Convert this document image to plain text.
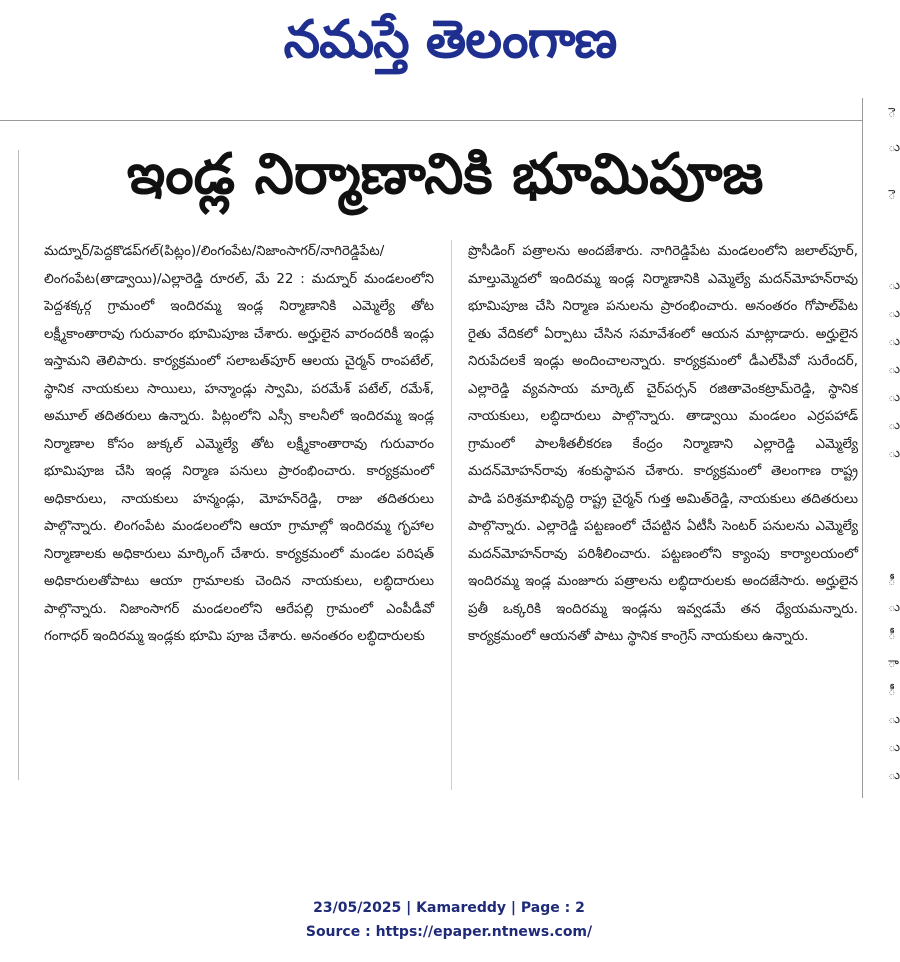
నమస్తే తెలంగాణ
ఇండ్ల నిర్మాణానికి భూమిపూజ
మద్నూర్/పెద్దకొడప్‌గల్(పిట్లం)/లింగంపేట/నిజాంసాగర్/నాగిరెడ్డిపేట/లింగంపేట(తాడ్వాయి)/ఎల్లారెడ్డి రూరల్, మే 22 : మద్నూర్ మండలంలోని పెద్దశక్కర్గ గ్రామంలో ఇందిరమ్మ ఇండ్ల నిర్మాణానికి ఎమ్మెల్యే తోట లక్ష్మీకాంతారావు గురువారం భూమిపూజ చేశారు. అర్హులైన వారందరికీ ఇండ్లు ఇస్తామని తెలిపారు. కార్యక్రమంలో సలాబత్‌పూర్ ఆలయ చైర్మన్ రాంపటేల్, స్థానిక నాయకులు సాయిలు, హన్మాండ్లు స్వామి, పరమేశ్ పటేల్, రమేశ్, అమూల్ తదితరులు ఉన్నారు. పిట్లంలోని ఎస్సీ కాలనీలో ఇందిరమ్మ ఇండ్ల నిర్మాణాల కోసం జుక్కల్ ఎమ్మెల్యే తోట లక్ష్మీకాంతారావు గురువారం భూమిపూజ చేసి ఇండ్ల నిర్మాణ పనులు ప్రారంభించారు. కార్యక్రమంలో అధికారులు, నాయకులు హన్మండ్లు, మోహన్‌రెడ్డి, రాజు తదితరులు పాల్గొన్నారు. లింగంపేట మండలంలోని ఆయా గ్రామాల్లో ఇందిరమ్మ గృహాల నిర్మాణాలకు అధికారులు మార్కింగ్ చేశారు. కార్యక్రమంలో మండల పరిషత్ అధికారులతోపాటు ఆయా గ్రామాలకు చెందిన నాయకులు, లబ్ధిదారులు పాల్గొన్నారు. నిజాంసాగర్ మండలంలోని ఆరేపల్లి గ్రామంలో ఎంపీడీవో గంగాధర్ ఇందిరమ్మ ఇండ్లకు భూమి పూజ చేశారు. అనంతరం లబ్ధిదారులకు
ప్రొసీడింగ్ పత్రాలను అందజేశారు. నాగిరెడ్డిపేట మండలంలోని జలాల్‌పూర్, మాల్తుమ్మెదలో ఇందిరమ్మ ఇండ్ల నిర్మాణానికి ఎమ్మెల్యే మదన్‌మోహన్‌రావు భూమిపూజ చేసి నిర్మాణ పనులను ప్రారంభించారు. అనంతరం గోపాల్‌పేట రైతు వేదికలో ఏర్పాటు చేసిన సమావేశంలో ఆయన మాట్లాడారు. అర్హులైన నిరుపేదలకే ఇండ్లు అందించాలన్నారు. కార్యక్రమంలో డీఎల్‌పీవో సురేందర్, ఎల్లారెడ్డి వ్యవసాయ మార్కెట్ చైర్‌పర్సన్ రజితావెంకట్రామ్‌రెడ్డి, స్థానిక నాయకులు, లబ్ధిదారులు పాల్గొన్నారు. తాడ్వాయి మండలం ఎర్రపహాడ్ గ్రామంలో పాలశీతలీకరణ కేంద్రం నిర్మాణాని ఎల్లారెడ్డి ఎమ్మెల్యే మదన్‌మోహన్‌రావు శంకుస్థాపన చేశారు. కార్యక్రమంలో తెలంగాణ రాష్ట్ర పాడి పరిశ్రమాభివృద్ధి రాష్ట్ర చైర్మన్ గుత్త అమిత్‌రెడ్డి, నాయకులు తదితరులు పాల్గొన్నారు. ఎల్లారెడ్డి పట్టణంలో చేపట్టిన ఏటీసీ సెంటర్ పనులను ఎమ్మెల్యే మదన్‌మోహన్‌రావు పరిశీలించారు. పట్టణంలోని క్యాంపు కార్యాలయంలో ఇందిరమ్మ ఇండ్ల మంజూరు పత్రాలను లబ్ధిదారులకు అందజేసారు. అర్హులైన ప్రతీ ఒక్కరికి ఇందిరమ్మ ఇండ్లను ఇవ్వడమే తన ధ్యేయమన్నారు. కార్యక్రమంలో ఆయనతో పాటు స్థానిక కాంగ్రెస్ నాయకులు ఉన్నారు.
ె
ు
ె
ు
ు
ు
ు
ు
ు
ు
ీ
ు
ీ
ా
ీ
ు
ు
ు
23/05/2025 | Kamareddy | Page : 2
Source : https://epaper.ntnews.com/
